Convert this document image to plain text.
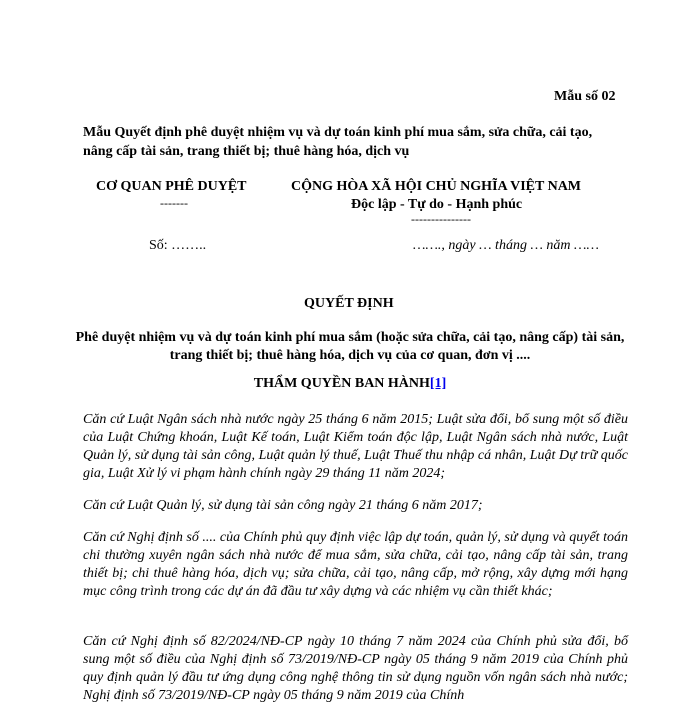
Mẫu số 02
Mẫu Quyết định phê duyệt nhiệm vụ và dự toán kinh phí mua sắm, sửa chữa, cải tạo, nâng cấp tài sản, trang thiết bị; thuê hàng hóa, dịch vụ
CƠ QUAN PHÊ DUYỆT
-------
CỘNG HÒA XÃ HỘI CHỦ NGHĨA VIỆT NAM
Độc lập - Tự do - Hạnh phúc
---------------
Số: ……..	……., ngày … tháng … năm ……
QUYẾT ĐỊNH
Phê duyệt nhiệm vụ và dự toán kinh phí mua sắm (hoặc sửa chữa, cải tạo, nâng cấp) tài sản, trang thiết bị; thuê hàng hóa, dịch vụ của cơ quan, đơn vị ....
THẨM QUYỀN BAN HÀNH[1]
Căn cứ Luật Ngân sách nhà nước ngày 25 tháng 6 năm 2015; Luật sửa đổi, bổ sung một số điều của Luật Chứng khoán, Luật Kế toán, Luật Kiểm toán độc lập, Luật Ngân sách nhà nước, Luật Quản lý, sử dụng tài sản công, Luật quản lý thuế, Luật Thuế thu nhập cá nhân, Luật Dự trữ quốc gia, Luật Xử lý vi phạm hành chính ngày 29 tháng 11 năm 2024;
Căn cứ Luật Quản lý, sử dụng tài sản công ngày 21 tháng 6 năm 2017;
Căn cứ Nghị định số .... của Chính phủ quy định việc lập dự toán, quản lý, sử dụng và quyết toán chi thường xuyên ngân sách nhà nước để mua sắm, sửa chữa, cải tạo, nâng cấp tài sản, trang thiết bị; chi thuê hàng hóa, dịch vụ; sửa chữa, cải tạo, nâng cấp, mở rộng, xây dựng mới hạng mục công trình trong các dự án đã đầu tư xây dựng và các nhiệm vụ cần thiết khác;
Căn cứ Nghị định số 82/2024/NĐ-CP ngày 10 tháng 7 năm 2024 của Chính phủ sửa đổi, bổ sung một số điều của Nghị định số 73/2019/NĐ-CP ngày 05 tháng 9 năm 2019 của Chính phủ quy định quản lý đầu tư ứng dụng công nghệ thông tin sử dụng nguồn vốn ngân sách nhà nước; Nghị định số 73/2019/NĐ-CP ngày 05 tháng 9 năm 2019 của Chính
